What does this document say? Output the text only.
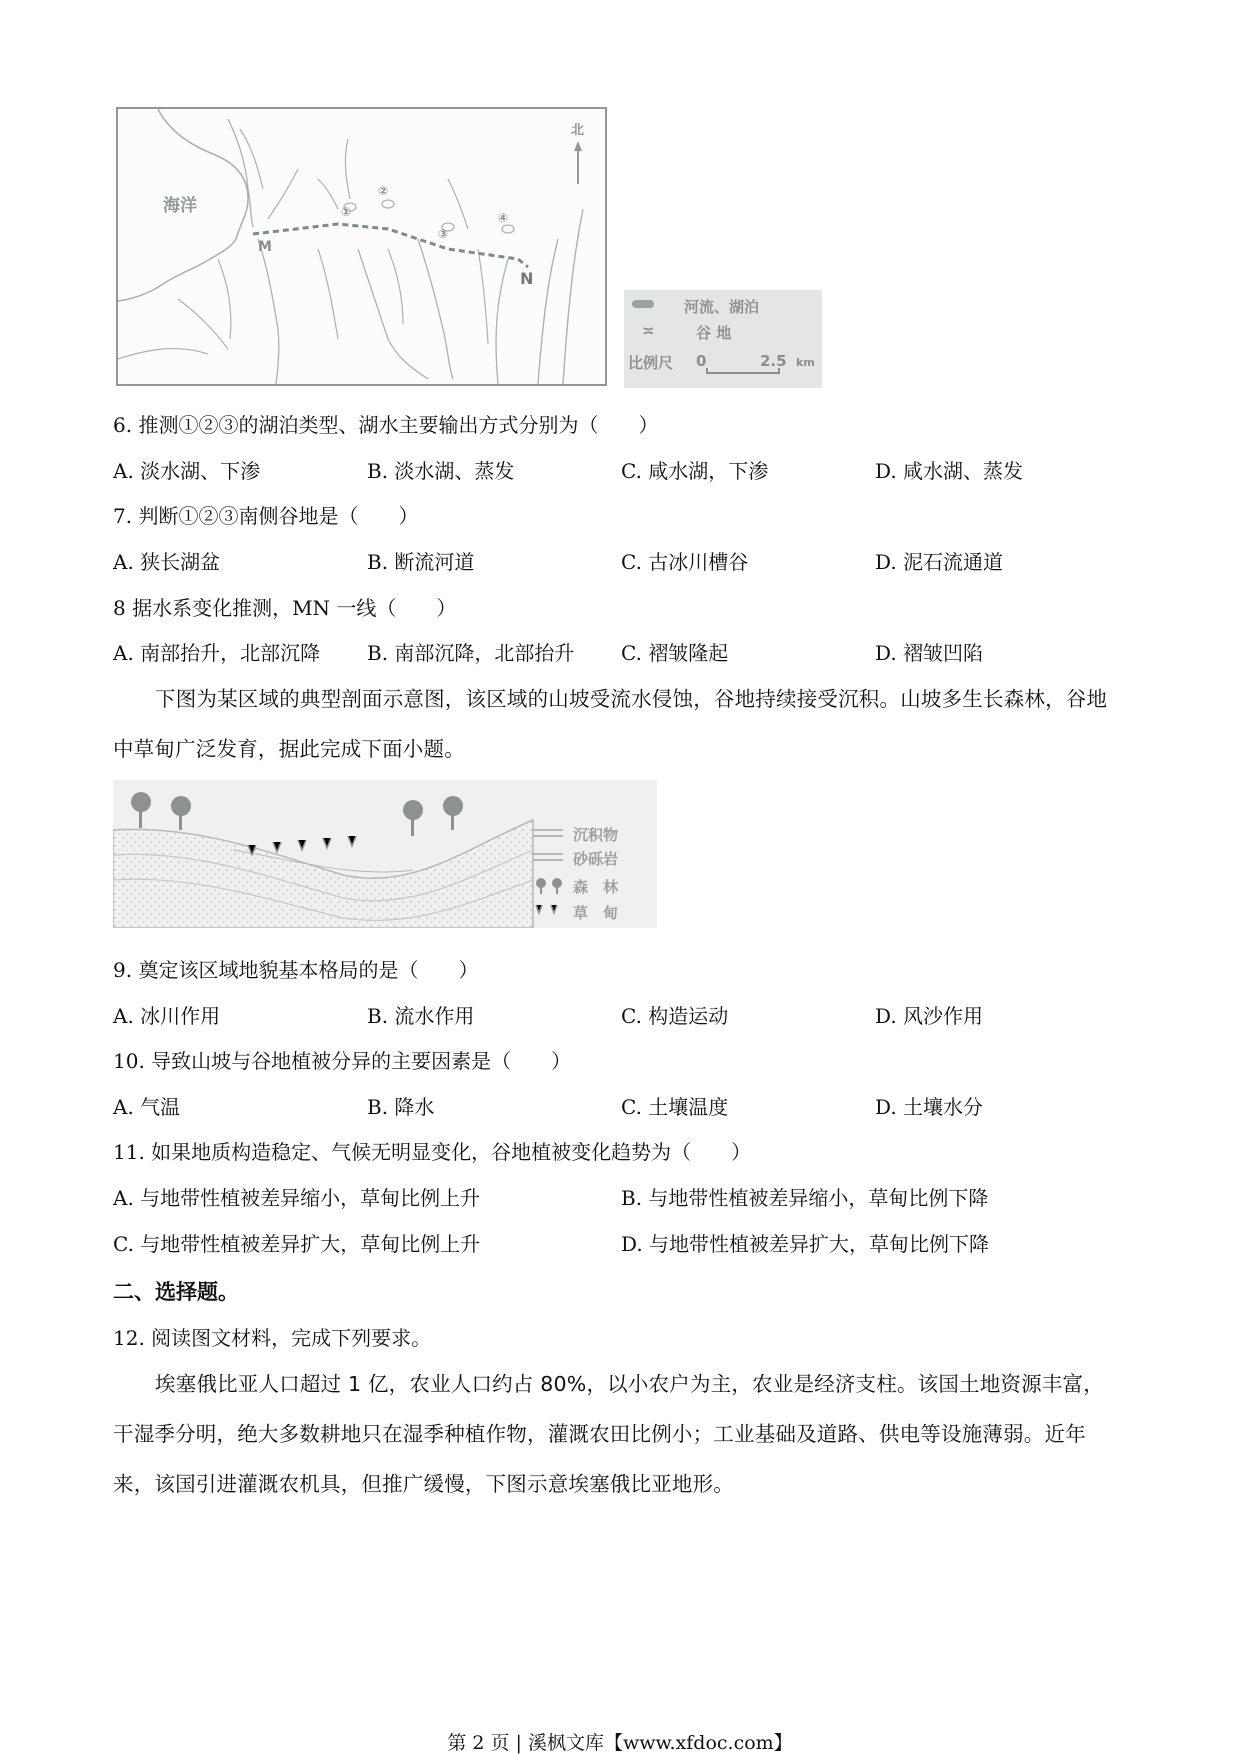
海洋
北
M
N
①
②
③
④
河流、湖泊
≍	谷 地
比例尺 0	2.5 km
6. 推测①②③的湖泊类型、湖水主要输出方式分别为（　　）
A. 淡水湖、下渗	B. 淡水湖、蒸发	C. 咸水湖，下渗	D. 咸水湖、蒸发
7. 判断①②③南侧谷地是（　　）
A. 狭长湖盆	B. 断流河道	C. 古冰川槽谷	D. 泥石流通道
8 据水系变化推测，MN 一线（　　）
A. 南部抬升，北部沉降 B. 南部沉降，北部抬升 C. 褶皱隆起	D. 褶皱凹陷
下图为某区域的典型剖面示意图，该区域的山坡受流水侵蚀，谷地持续接受沉积。山坡多生长森林，谷地中草甸广泛发育，据此完成下面小题。
沉积物
砂砾岩
森　林
草　甸
9. 奠定该区域地貌基本格局的是（　　）
A. 冰川作用	B. 流水作用	C. 构造运动	D. 风沙作用
10. 导致山坡与谷地植被分异的主要因素是（　　）
A. 气温	B. 降水	C. 土壤温度	D. 土壤水分
11. 如果地质构造稳定、气候无明显变化，谷地植被变化趋势为（　　）
A. 与地带性植被差异缩小，草甸比例上升	B. 与地带性植被差异缩小，草甸比例下降
C. 与地带性植被差异扩大，草甸比例上升	D. 与地带性植被差异扩大，草甸比例下降
二、选择题。
12. 阅读图文材料，完成下列要求。
埃塞俄比亚人口超过 1 亿，农业人口约占 80%，以小农户为主，农业是经济支柱。该国土地资源丰富，干湿季分明，绝大多数耕地只在湿季种植作物，灌溉农田比例小；工业基础及道路、供电等设施薄弱。近年来，该国引进灌溉农机具，但推广缓慢，下图示意埃塞俄比亚地形。
第 2 页 | 溪枫文库【www.xfdoc.com】
